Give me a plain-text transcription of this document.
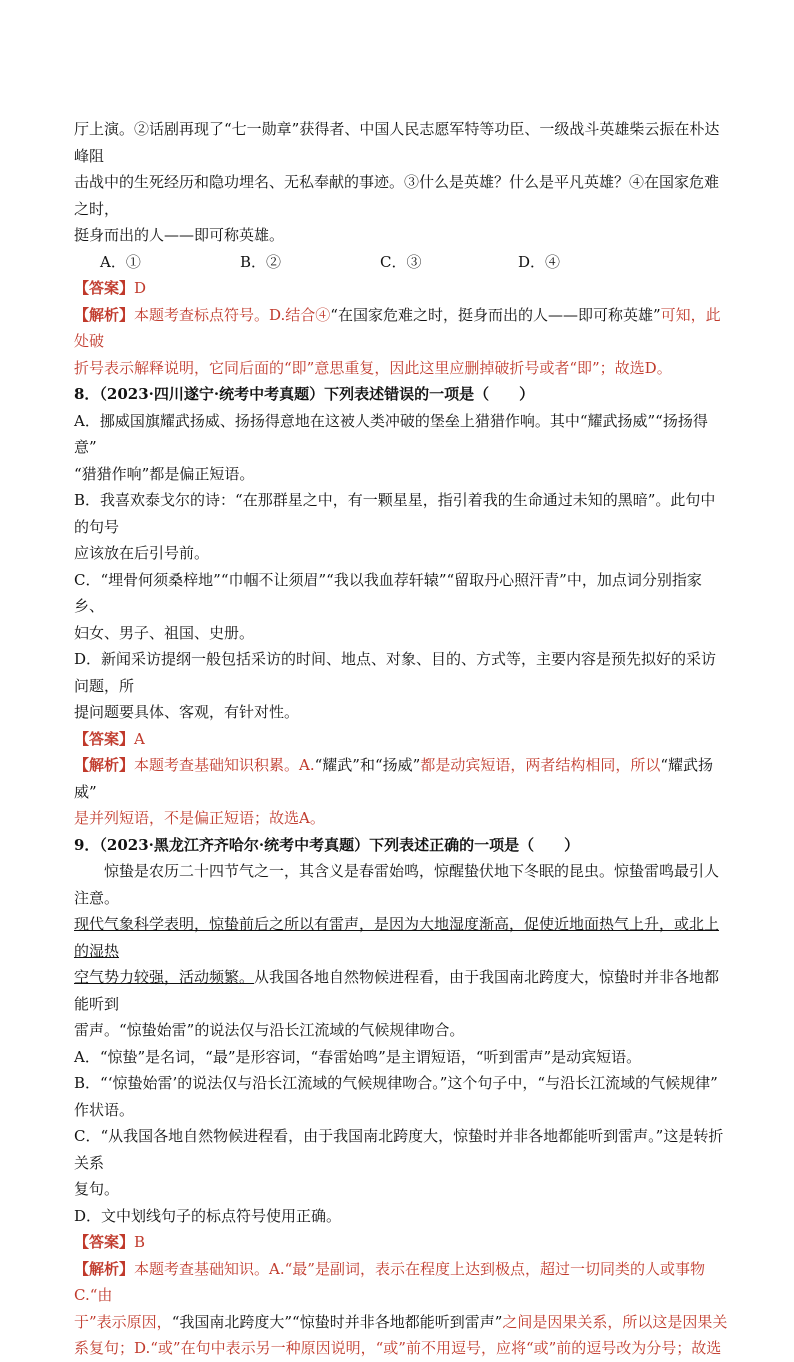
厅上演。②话剧再现了“七一勋章”获得者、中国人民志愿军特等功臣、一级战斗英雄柴云振在朴达峰阻

击战中的生死经历和隐功埋名、无私奉献的事迹。③什么是英雄？什么是平凡英雄？④在国家危难之时，

挺身而出的人——即可称英雄。

A．①	B．②	C．③	D．④

【答案】D

【解析】本题考查标点符号。D.结合④“在国家危难之时，挺身而出的人——即可称英雄”可知，此处破

折号表示解释说明，它同后面的“即”意思重复，因此这里应删掉破折号或者“即”；故选D。

8．（2023·四川遂宁·统考中考真题）下列表述错误的一项是（　　）

A．挪威国旗耀武扬威、扬扬得意地在这被人类冲破的堡垒上猎猎作响。其中“耀武扬威”“扬扬得意”

“猎猎作响”都是偏正短语。

B．我喜欢泰戈尔的诗：“在那群星之中，有一颗星星，指引着我的生命通过未知的黑暗”。此句中的句号

应该放在后引号前。

C．“埋骨何须桑梓地”“巾帼不让须眉”“我以我血荐轩辕”“留取丹心照汗青”中，加点词分别指家乡、

妇女、男子、祖国、史册。

D．新闻采访提纲一般包括采访的时间、地点、对象、目的、方式等，主要内容是预先拟好的采访问题，所

提问题要具体、客观，有针对性。

【答案】A

【解析】本题考查基础知识积累。A.“耀武”和“扬威”都是动宾短语，两者结构相同，所以“耀武扬威”

是并列短语，不是偏正短语；故选A。

9．（2023·黑龙江齐齐哈尔·统考中考真题）下列表述正确的一项是（　　）

惊蛰是农历二十四节气之一，其含义是春雷始鸣，惊醒蛰伏地下冬眠的昆虫。惊蛰雷鸣最引人注意。

现代气象科学表明，惊蛰前后之所以有雷声，是因为大地湿度渐高，促使近地面热气上升，或北上的湿热

空气势力较强，活动频繁。从我国各地自然物候进程看，由于我国南北跨度大，惊蛰时并非各地都能听到

雷声。“惊蛰始雷”的说法仅与沿长江流域的气候规律吻合。

A．“惊蛰”是名词，“最”是形容词，“春雷始鸣”是主谓短语，“听到雷声”是动宾短语。

B．“‘惊蛰始雷’的说法仅与沿长江流域的气候规律吻合。”这个句子中，“与沿长江流域的气候规律”

作状语。

C．“从我国各地自然物候进程看，由于我国南北跨度大，惊蛰时并非各地都能听到雷声。”这是转折关系

复句。

D．文中划线句子的标点符号使用正确。

【答案】B

【解析】本题考查基础知识。A.“最”是副词，表示在程度上达到极点，超过一切同类的人或事物C.“由

于”表示原因，“我国南北跨度大”“惊蛰时并非各地都能听到雷声”之间是因果关系，所以这是因果关

系复句；D.“或”在句中表示另一种原因说明，“或”前不用逗号，应将“或”前的逗号改为分号；故选
